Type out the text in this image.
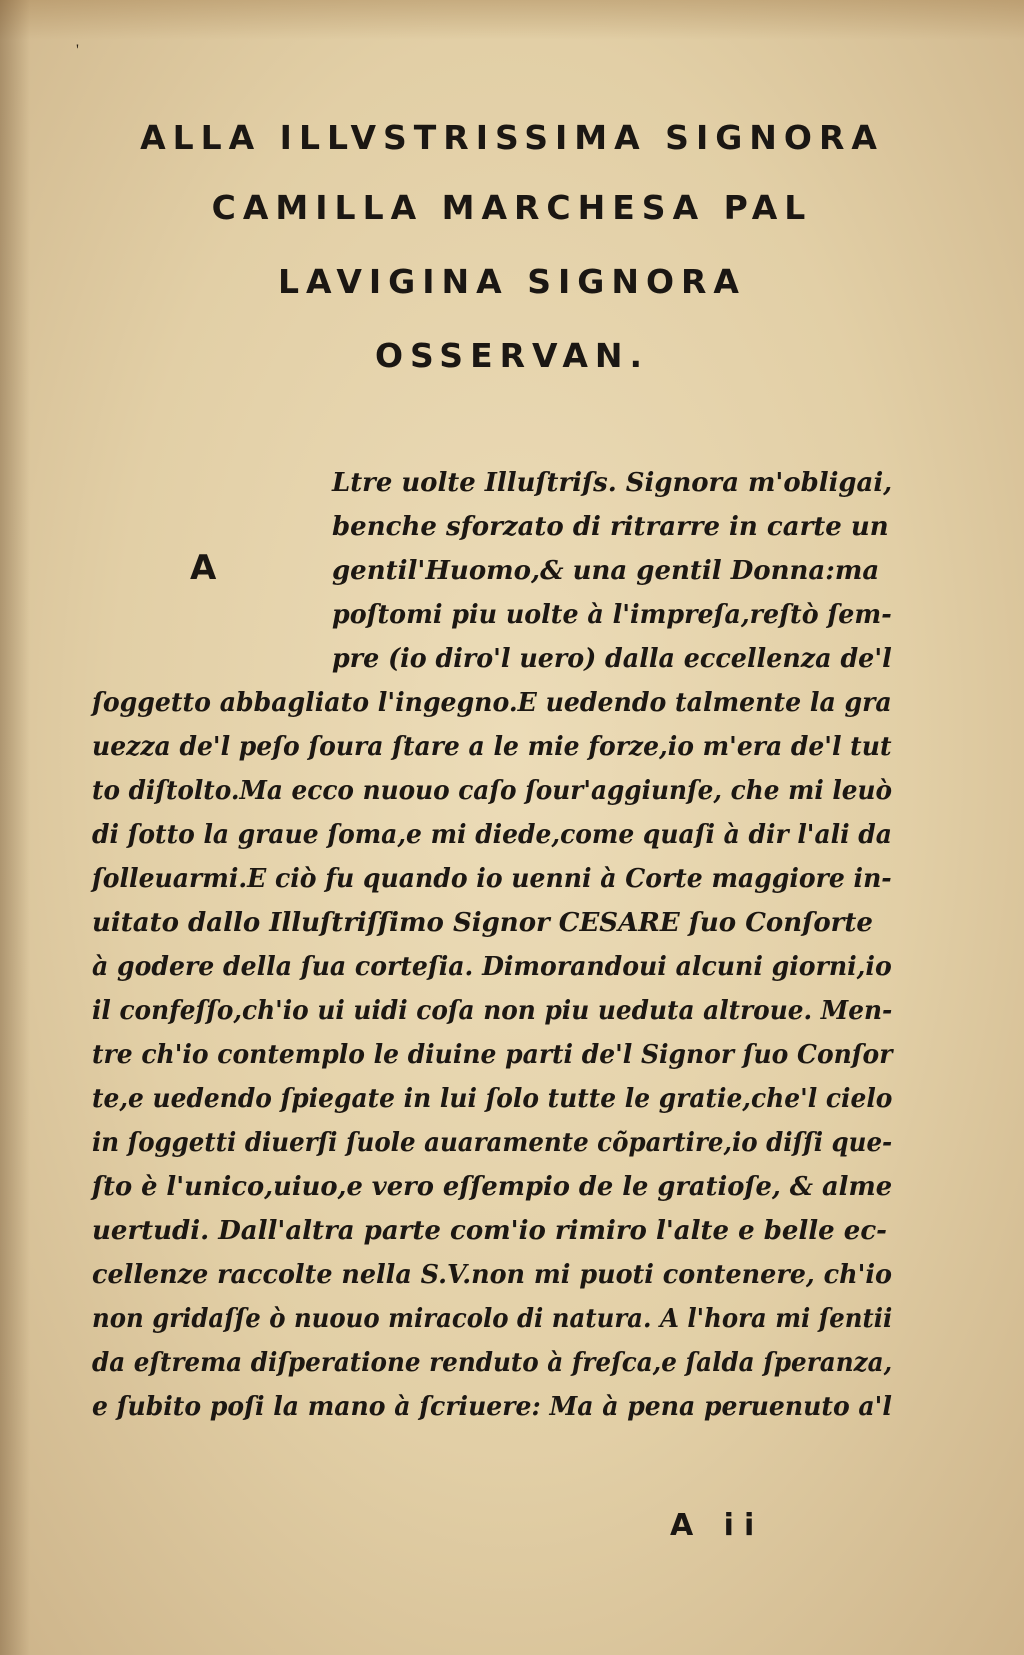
'
ALLA ILLVSTRISSIMA SIGNORA
CAMILLA MARCHESA PAL
LAVIGINA SIGNORA
OSSERVAN.
A
Ltre uolte Illuſtriſs. Signora m'obligai,
benche sforzato di ritrarre in carte un
gentil'Huomo,& una gentil Donna:ma
poſtomi piu uolte à l'impreſa,reſtò ſem‑
pre (io diro'l uero) dalla eccellenza de'l
ſoggetto abbagliato l'ingegno.E uedendo talmente la gra
uezza de'l peſo ſoura ſtare a le mie forze,io m'era de'l tut
to diſtolto.Ma ecco nuouo caſo ſour'aggiunſe, che mi leuò
di ſotto la graue ſoma,e mi diede,come quaſi à dir l'ali da
ſolleuarmi.E ciò fu quando io uenni à Corte maggiore in‑
uitato dallo Illuſtriſſimo Signor CESARE ſuo Conſorte
à godere della ſua corteſia. Dimorandoui alcuni giorni,io
il confeſſo,ch'io ui uidi coſa non piu ueduta altroue. Men‑
tre ch'io contemplo le diuine parti de'l Signor ſuo Conſor
te,e uedendo ſpiegate in lui ſolo tutte le gratie,che'l cielo
in ſoggetti diuerſi ſuole auaramente cõpartire,io diſſi que‑
ſto è l'unico,uiuo,e vero eſſempio de le gratioſe, & alme
uertudi. Dall'altra parte com'io rimiro l'alte e belle ec‑
cellenze raccolte nella S.V.non mi puoti contenere, ch'io
non gridaſſe ò nuouo miracolo di natura. A l'hora mi ſentii
da eſtrema diſperatione renduto à freſca,e ſalda ſperanza,
e ſubito poſi la mano à ſcriuere: Ma à pena peruenuto a'l
A ii
